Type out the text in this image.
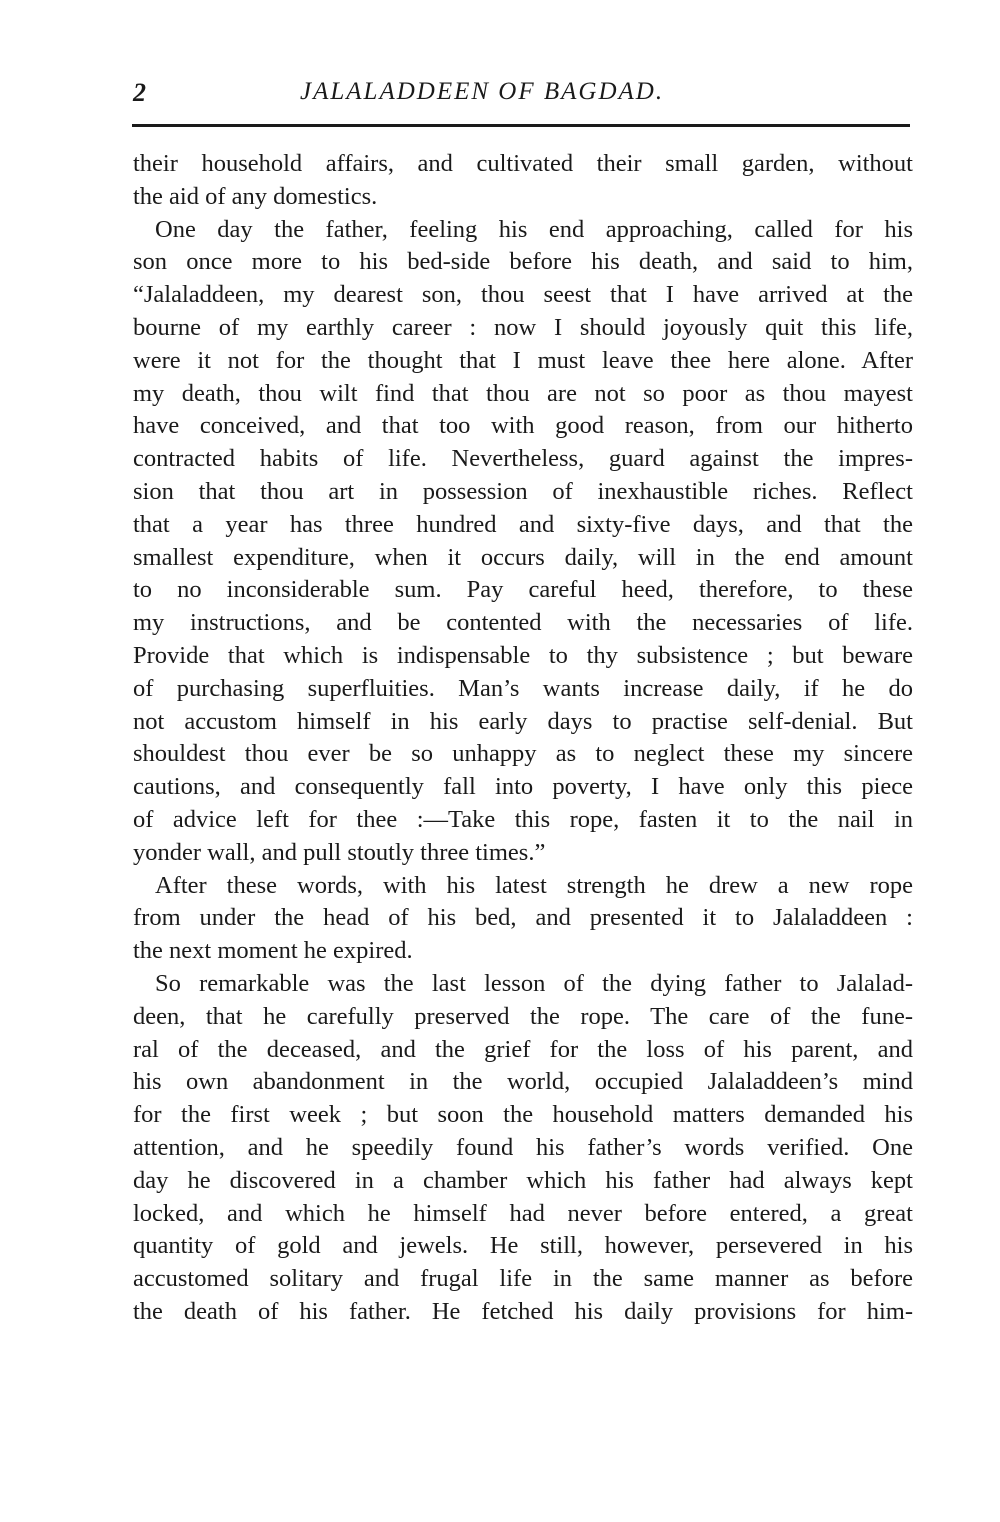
2	JALALADDEEN OF BAGDAD.
their household affairs, and cultivated their small garden, without
the aid of any domestics.
One day the father, feeling his end approaching, called for his
son once more to his bed-side before his death, and said to him,
“Jalaladdeen, my dearest son, thou seest that I have arrived at the
bourne of my earthly career : now I should joyously quit this life,
were it not for the thought that I must leave thee here alone. After
my death, thou wilt find that thou are not so poor as thou mayest
have conceived, and that too with good reason, from our hitherto
contracted habits of life. Nevertheless, guard against the impres-
sion that thou art in possession of inexhaustible riches. Reflect
that a year has three hundred and sixty-five days, and that the
smallest expenditure, when it occurs daily, will in the end amount
to no inconsiderable sum. Pay careful heed, therefore, to these
my instructions, and be contented with the necessaries of life.
Provide that which is indispensable to thy subsistence ; but beware
of purchasing superfluities. Man’s wants increase daily, if he do
not accustom himself in his early days to practise self-denial. But
shouldest thou ever be so unhappy as to neglect these my sincere
cautions, and consequently fall into poverty, I have only this piece
of advice left for thee :—Take this rope, fasten it to the nail in
yonder wall, and pull stoutly three times.”
After these words, with his latest strength he drew a new rope
from under the head of his bed, and presented it to Jalaladdeen :
the next moment he expired.
So remarkable was the last lesson of the dying father to Jalalad-
deen, that he carefully preserved the rope. The care of the fune-
ral of the deceased, and the grief for the loss of his parent, and
his own abandonment in the world, occupied Jalaladdeen’s mind
for the first week ; but soon the household matters demanded his
attention, and he speedily found his father’s words verified. One
day he discovered in a chamber which his father had always kept
locked, and which he himself had never before entered, a great
quantity of gold and jewels. He still, however, persevered in his
accustomed solitary and frugal life in the same manner as before
the death of his father. He fetched his daily provisions for him-
